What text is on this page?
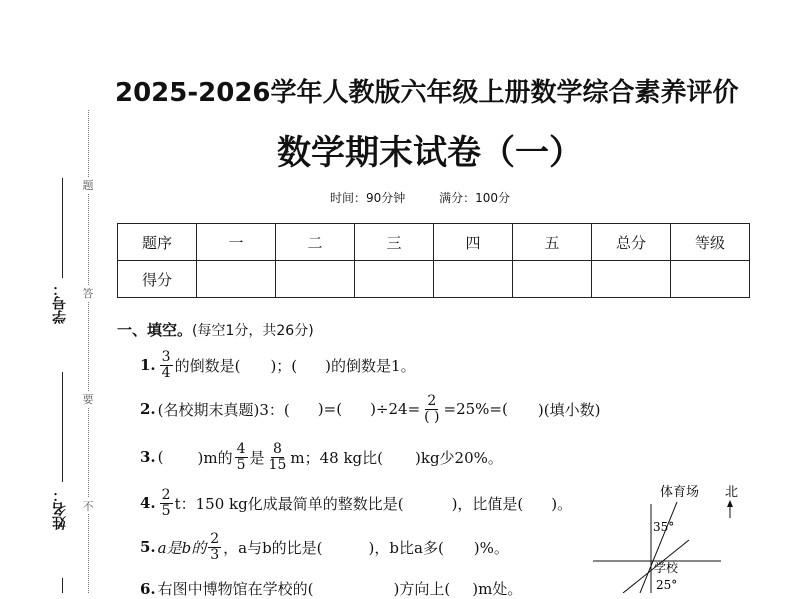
题
答
要
不
学号：
姓名：
2025-2026学年人教版六年级上册数学综合素养评价
数学期末试卷（一）
时间：90分钟	满分：100分
题序	一	二	三	四	五	总分	等级
得分							
一、填空。(每空1分，共26分)
1. $\frac{3}{4}$ 的倒数是( )；( )的倒数是1。
2. (名校期末真题)3：( )=( )$\div 24= \frac{2}{( )} =25\%=$( )(填小数)
3. ( )m的 $\frac{4}{5}$ 是 $\frac{8}{15}$ m；48 kg比( )kg少20%。
4. $\frac{2}{5}$ t：150 kg化成最简单的整数比是(	)，比值是( )。
5. a是b的 $\frac{2}{3}$ ，a与b的比是(	)，b比a多( )%。
6. 右图中博物馆在学校的(	)方向上( )m处。
体育场 北
35°
学校
25°
